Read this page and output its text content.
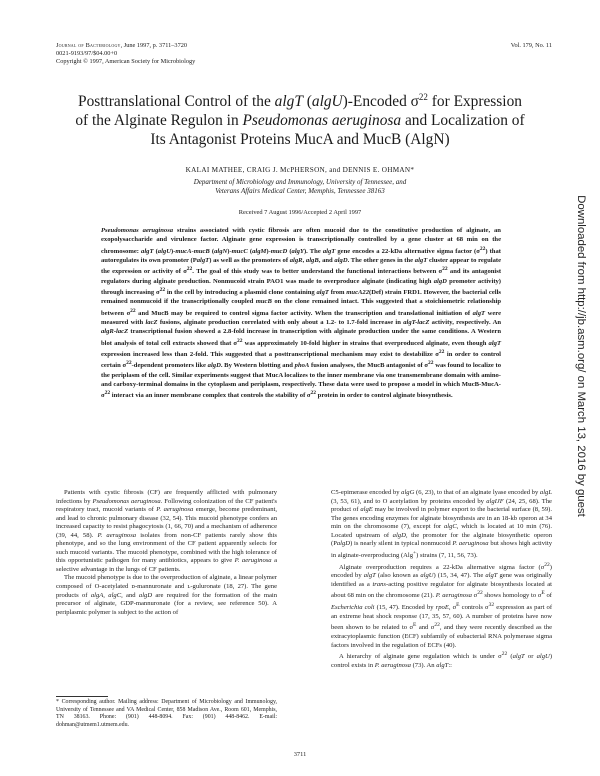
Journal of Bacteriology, June 1997, p. 3711–3720
0021-9193/97/$04.00+0
Copyright © 1997, American Society for Microbiology
Vol. 179, No. 11
Posttranslational Control of the algT (algU)-Encoded $\sigma^{22}$ for Expression of the Alginate Regulon in Pseudomonas aeruginosa and Localization of Its Antagonist Proteins MucA and MucB (AlgN)
KALAI MATHEE, CRAIG J. McPHERSON, and DENNIS E. OHMAN*
Department of Microbiology and Immunology, University of Tennessee, and
Veterans Affairs Medical Center, Memphis, Tennessee 38163
Received 7 August 1996/Accepted 2 April 1997
Pseudomonas aeruginosa strains associated with cystic fibrosis are often mucoid due to the constitutive production of alginate, an exopolysaccharide and virulence factor. Alginate gene expression is transcriptionally controlled by a gene cluster at 68 min on the chromosome: algT (algU)-mucA-mucB (algN)-mucC (algM)-mucD (algY). The algT gene encodes a 22-kDa alternative sigma factor $(\sigma^{22})$ that autoregulates its own promoter (PalgT) as well as the promoters of algR, algB, and algD. The other genes in the algT cluster appear to regulate the expression or activity of $\sigma^{22}$. The goal of this study was to better understand the functional interactions between $\sigma^{22}$ and its antagonist regulators during alginate production. Nonmucoid strain PAO1 was made to overproduce alginate (indicating high algD promoter activity) through increasing $\sigma^{22}$ in the cell by introducing a plasmid clone containing algT from mucA22(Def) strain FRD1. However, the bacterial cells remained nonmucoid if the transcriptionally coupled mucB on the clone remained intact. This suggested that a stoichiometric relationship between $\sigma^{22}$ and MucB may be required to control sigma factor activity. When the transcription and translational initiation of algT were measured with lacZ fusions, alginate production correlated with only about a 1.2- to 1.7-fold increase in algT-lacZ activity, respectively. An algR-lacZ transcriptional fusion showed a 2.8-fold increase in transcription with alginate production under the same conditions. A Western blot analysis of total cell extracts showed that $\sigma^{22}$ was approximately 10-fold higher in strains that overproduced alginate, even though algT expression increased less than 2-fold. This suggested that a posttranscriptional mechanism may exist to destabilize $\sigma^{22}$ in order to control certain $\sigma^{22}$-dependent promoters like algD. By Western blotting and phoA fusion analyses, the MucB antagonist of $\sigma^{22}$ was found to localize to the periplasm of the cell. Similar experiments suggest that MucA localizes to the inner membrane via one transmembrane domain with amino- and carboxy-terminal domains in the cytoplasm and periplasm, respectively. These data were used to propose a model in which MucB-$MucA-\sigma^{22}$ interact via an inner membrane complex that controls the stability of $\sigma^{22}$ protein in order to control alginate biosynthesis.

Patients with cystic fibrosis (CF) are frequently afflicted with pulmonary infections by Pseudomonas aeruginosa. Following colonization of the CF patient's respiratory tract, mucoid variants of P. aeruginosa emerge, become predominant, and lead to chronic pulmonary disease (32, 54). This mucoid phenotype confers an increased capacity to resist phagocytosis (1, 66, 70) and a mechanism of adherence (39, 44, 58). P. aeruginosa isolates from non-CF patients rarely show this phenotype, and so the lung environment of the CF patient apparently selects for such mucoid variants. The mucoid phenotype, combined with the high tolerance of this opportunistic pathogen for many antibiotics, appears to give P. aeruginosa a selective advantage in the lungs of CF patients.

The mucoid phenotype is due to the overproduction of alginate, a linear polymer composed of O-acetylated ᴅ-mannuronate and ʟ-guluronate (18, 27). The gene products of algA, algC, and algD are required for the formation of the main precursor of alginate, GDP-mannuronate (for a review, see reference 50). A periplasmic polymer is subject to the action of

* Corresponding author. Mailing address: Department of Microbiology and Immunology, University of Tennessee and VA Medical Center, 858 Madison Ave., Room 601, Memphis, TN 38163. Phone: (901) 448-8094. Fax: (901) 448-8462. E-mail: dohman@utmem1.utmem.edu.

C5-epimerase encoded by algG (6, 23), to that of an alginate lyase encoded by algL (3, 53, 61), and to O acetylation by proteins encoded by algIJF (24, 25, 68). The product of algE may be involved in polymer export to the bacterial surface (8, 59). The genes encoding enzymes for alginate biosynthesis are in an 18-kb operon at 34 min on the chromosome (7), except for algC, which is located at 10 min (76). Located upstream of algD, the promoter for the alginate biosynthetic operon (PalgD) is nearly silent in typical nonmucoid P. aeruginosa but shows high activity in alginate-overproducing (Alg+) strains (7, 11, 56, 73).

Alginate overproduction requires a 22-kDa alternative sigma factor $(\sigma^{22})$ encoded by algT (also known as algU) (15, 34, 47). The algT gene was originally identified as a trans-acting positive regulator for alginate biosynthesis located at about 68 min on the chromosome (21). P. aeruginosa $\sigma^{22}$ shows homology to $\sigma^E$ of Escherichia coli (15, 47). Encoded by rpoE, $\sigma^E$ controls $\sigma^{32}$ expression as part of an extreme heat shock response (17, 35, 57, 60). A number of proteins have now been shown to be related to $\sigma^E$ and $\sigma^{22}$, and they were recently described as the extracytoplasmic function (ECF) subfamily of eubacterial RNA polymerase sigma factors involved in the regulation of ECFs (40).

A hierarchy of alginate gene regulation which is under $\sigma^{22}$ (algT or algU) control exists in P. aeruginosa (73). An algT::

3711
Downloaded from http://jb.asm.org/ on March 13, 2016 by guest
